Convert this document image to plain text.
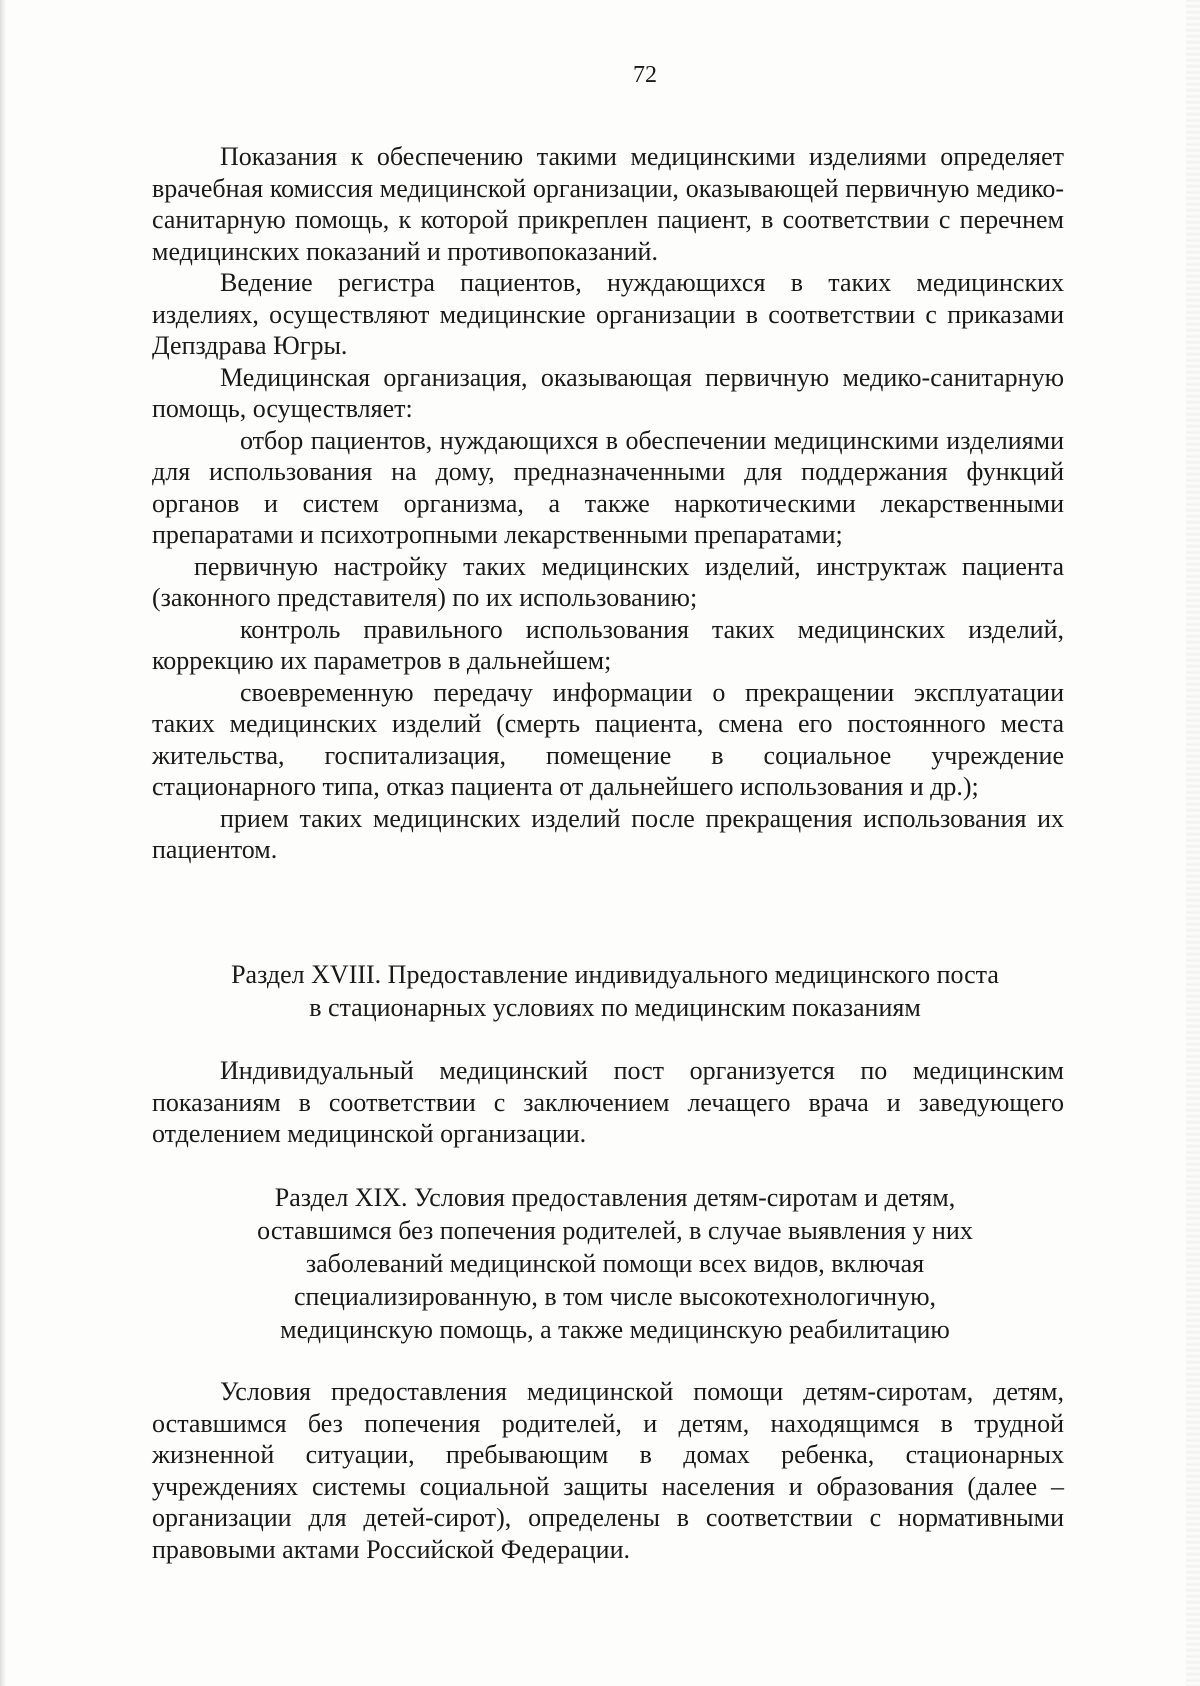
72

Показания к обеспечению такими медицинскими изделиями определяет врачебная комиссия медицинской организации, оказывающей первичную медико-санитарную помощь, к которой прикреплен пациент, в соответствии с перечнем медицинских показаний и противопоказаний.

Ведение регистра пациентов, нуждающихся в таких медицинских изделиях, осуществляют медицинские организации в соответствии с приказами Депздрава Югры.

Медицинская организация, оказывающая первичную медико-санитарную помощь, осуществляет:

отбор пациентов, нуждающихся в обеспечении медицинскими изделиями для использования на дому, предназначенными для поддержания функций органов и систем организма, а также наркотическими лекарственными препаратами и психотропными лекарственными препаратами;

первичную настройку таких медицинских изделий, инструктаж пациента (законного представителя) по их использованию;

контроль правильного использования таких медицинских изделий, коррекцию их параметров в дальнейшем;

своевременную передачу информации о прекращении эксплуатации таких медицинских изделий (смерть пациента, смена его постоянного места жительства, госпитализация, помещение в социальное учреждение стационарного типа, отказ пациента от дальнейшего использования и др.);

прием таких медицинских изделий после прекращения использования их пациентом.

Раздел XVIII. Предоставление индивидуального медицинского поста
в стационарных условиях по медицинским показаниям

Индивидуальный медицинский пост организуется по медицинским показаниям в соответствии с заключением лечащего врача и заведующего отделением медицинской организации.

Раздел XIX. Условия предоставления детям-сиротам и детям,
оставшимся без попечения родителей, в случае выявления у них
заболеваний медицинской помощи всех видов, включая
специализированную, в том числе высокотехнологичную,
медицинскую помощь, а также медицинскую реабилитацию

Условия предоставления медицинской помощи детям-сиротам, детям, оставшимся без попечения родителей, и детям, находящимся в трудной жизненной ситуации, пребывающим в домах ребенка, стационарных учреждениях системы социальной защиты населения и образования (далее – организации для детей-сирот), определены в соответствии с нормативными правовыми актами Российской Федерации.
